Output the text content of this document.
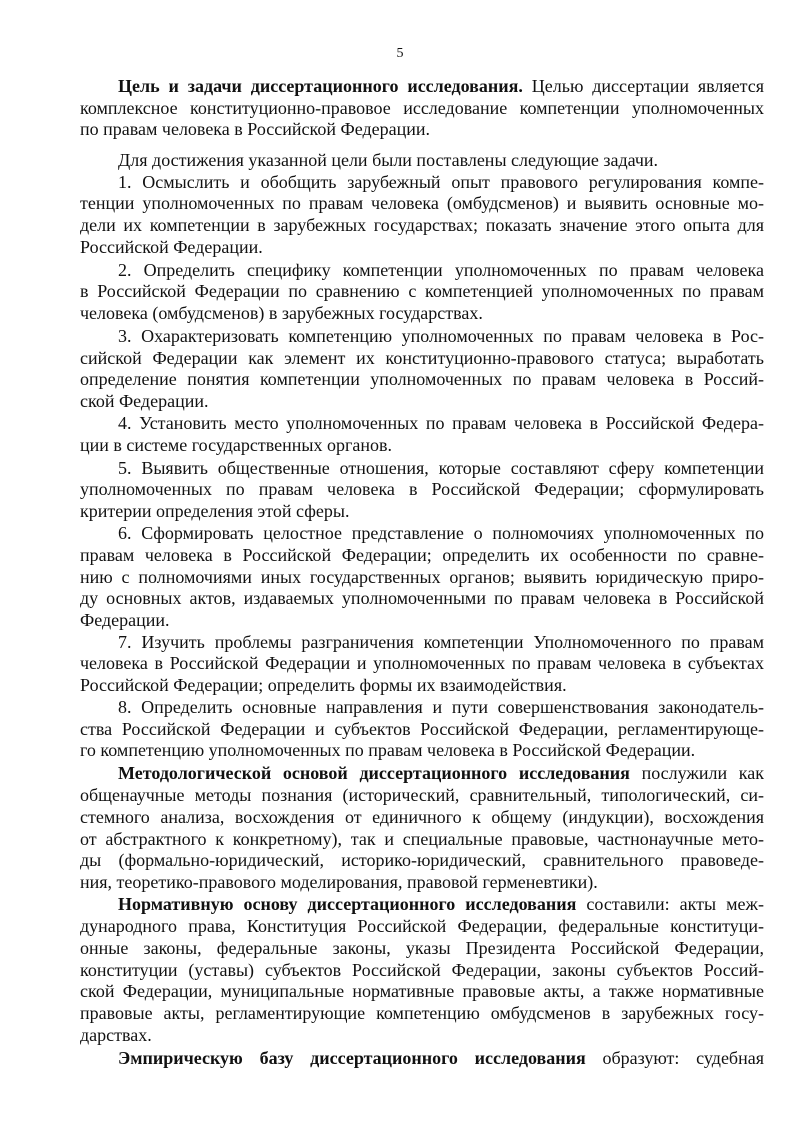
5
Цель и задачи диссертационного исследования. Целью диссертации является
комплексное конституционно-правовое исследование компетенции уполномоченных
по правам человека в Российской Федерации.
Для достижения указанной цели были поставлены следующие задачи.
1. Осмыслить и обобщить зарубежный опыт правового регулирования компе-
тенции уполномоченных по правам человека (омбудсменов) и выявить основные мо-
дели их компетенции в зарубежных государствах; показать значение этого опыта для
Российской Федерации.
2. Определить специфику компетенции уполномоченных по правам человека
в Российской Федерации по сравнению с компетенцией уполномоченных по правам
человека (омбудсменов) в зарубежных государствах.
3. Охарактеризовать компетенцию уполномоченных по правам человека в Рос-
сийской Федерации как элемент их конституционно-правового статуса; выработать
определение понятия компетенции уполномоченных по правам человека в Россий-
ской Федерации.
4. Установить место уполномоченных по правам человека в Российской Федера-
ции в системе государственных органов.
5. Выявить общественные отношения, которые составляют сферу компетенции
уполномоченных по правам человека в Российской Федерации; сформулировать
критерии определения этой сферы.
6. Сформировать целостное представление о полномочиях уполномоченных по
правам человека в Российской Федерации; определить их особенности по сравне-
нию с полномочиями иных государственных органов; выявить юридическую приро-
ду основных актов, издаваемых уполномоченными по правам человека в Российской
Федерации.
7. Изучить проблемы разграничения компетенции Уполномоченного по правам
человека в Российской Федерации и уполномоченных по правам человека в субъектах
Российской Федерации; определить формы их взаимодействия.
8. Определить основные направления и пути совершенствования законодатель-
ства Российской Федерации и субъектов Российской Федерации, регламентирующе-
го компетенцию уполномоченных по правам человека в Российской Федерации.
Методологической основой диссертационного исследования послужили как
общенаучные методы познания (исторический, сравнительный, типологический, си-
стемного анализа, восхождения от единичного к общему (индукции), восхождения
от абстрактного к конкретному), так и специальные правовые, частнонаучные мето-
ды (формально-юридический, историко-юридический, сравнительного правоведе-
ния, теоретико-правового моделирования, правовой герменевтики).
Нормативную основу диссертационного исследования составили: акты меж-
дународного права, Конституция Российской Федерации, федеральные конституци-
онные законы, федеральные законы, указы Президента Российской Федерации,
конституции (уставы) субъектов Российской Федерации, законы субъектов Россий-
ской Федерации, муниципальные нормативные правовые акты, а также нормативные
правовые акты, регламентирующие компетенцию омбудсменов в зарубежных госу-
дарствах.
Эмпирическую базу диссертационного исследования образуют: судебная
